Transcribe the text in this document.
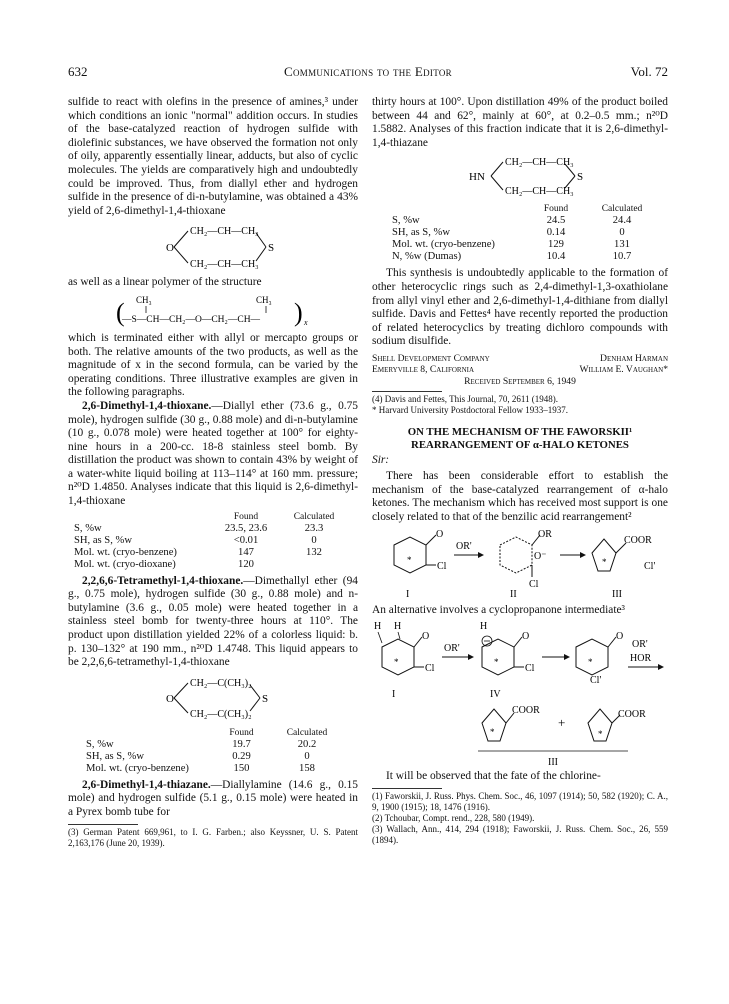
632	Communications to the Editor	Vol. 72

sulfide to react with olefins in the presence of amines,³ under which conditions an ionic "normal" addition occurs. In studies of the base-catalyzed reaction of hydrogen sulfide with diolefinic substances, we have observed the formation not only of oily, apparently essentially linear, adducts, but also of cyclic molecules. The yields are comparatively high and undoubtedly could be improved. Thus, from diallyl ether and hydrogen sulfide in the presence of di-n-butylamine, was obtained a 43% yield of 2,6-dimethyl-1,4-thioxane

O
CH₂—CH—CH₃
S
CH₂—CH—CH₃

as well as a linear polymer of the structure

CH₃	CH₃
(
—S—CH—CH₂—O—CH₂—CH— ) x

which is terminated either with allyl or mercapto groups or both. The relative amounts of the two products, as well as the magnitude of x in the second formula, can be varied by the operating conditions. Three illustrative examples are given in the following paragraphs.

2,6-Dimethyl-1,4-thioxane.—Diallyl ether (73.6 g., 0.75 mole), hydrogen sulfide (30 g., 0.88 mole) and di-n-butylamine (10 g., 0.078 mole) were heated together at 100° for eighty-nine hours in a 200-cc. 18-8 stainless steel bomb. By distillation the product was shown to contain 43% by weight of a water-white liquid boiling at 113–114° at 160 mm. pressure; n²⁰D 1.4850. Analyses indicate that this liquid is 2,6-dimethyl-1,4-thioxane

	Found	Calculated
S, %w	23.5, 23.6	23.3
SH, as S, %w	<0.01	0
Mol. wt. (cryo-benzene)	147	132
Mol. wt. (cryo-dioxane)	120	

2,2,6,6-Tetramethyl-1,4-thioxane.—Dimethallyl ether (94 g., 0.75 mole), hydrogen sulfide (30 g., 0.88 mole) and n-butylamine (3.6 g., 0.05 mole) were heated together in a stainless steel bomb for twenty-three hours at 110°. The product upon distillation yielded 22% of a colorless liquid: b. p. 130–132° at 190 mm., n²⁰D 1.4748. This liquid appears to be 2,2,6,6-tetramethyl-1,4-thioxane

O
CH₂—C(CH₃)₂
S
CH₂—C(CH₃)₂
	Found	Calculated
S, %w	19.7	20.2
SH, as S, %w	0.29	0
Mol. wt. (cryo-benzene)	150	158

2,6-Dimethyl-1,4-thiazane.—Diallylamine (14.6 g., 0.15 mole) and hydrogen sulfide (5.1 g., 0.15 mole) were heated in a Pyrex bomb tube for

(3) German Patent 669,961, to I. G. Farben.; also Keyssner, U. S. Patent 2,163,176 (June 20, 1939).

thirty hours at 100°. Upon distillation 49% of the product boiled between 44 and 62°, mainly at 60°, at 0.2–0.5 mm.; n²⁰D 1.5882. Analyses of this fraction indicate that it is 2,6-dimethyl-1,4-thiazane

HN
CH₂—CH—CH₃
S
CH₂—CH—CH₃
	Found	Calculated
S, %w	24.5	24.4
SH, as S, %w	0.14	0
Mol. wt. (cryo-benzene)	129	131
N, %w (Dumas)	10.4	10.7

This synthesis is undoubtedly applicable to the formation of other heterocyclic rings such as 2,4-dimethyl-1,3-oxathiolane from allyl vinyl ether and 2,6-dimethyl-1,4-dithiane from diallyl sulfide. Davis and Fettes⁴ have recently reported the production of related heterocyclics by treating dichloro compounds with sodium disulfide.

Shell Development Company	Denham Harman
Emeryville 8, California	William E. Vaughan*
Received September 6, 1949
(4) Davis and Fettes, This Journal, 70, 2611 (1948).
* Harvard University Postdoctoral Fellow 1933–1937.
ON THE MECHANISM OF THE FAWORSKII¹ REARRANGEMENT OF α-HALO KETONES
Sir:

There has been considerable effort to establish the mechanism of the base-catalyzed rearrangement of α-halo ketones. The mechanism which has received most support is one closely related to that of the benzilic acid rearrangement²

O
Cl
*
I
OR'
OR
O⁻
Cl
II
COOR
Cl'
*
III

An alternative involves a cyclopropanone intermediate³

H H
O
Cl
*
I
OR'
H
O
Cl
*
IV
O
Cl'
*
OR'
HOR
COOR
*
+
COOR
*
III

It will be observed that the fate of the chlorine-

(1) Faworskii, J. Russ. Phys. Chem. Soc., 46, 1097 (1914); 50, 582 (1920); C. A., 9, 1900 (1915); 18, 1476 (1916).
(2) Tchoubar, Compt. rend., 228, 580 (1949).
(3) Wallach, Ann., 414, 294 (1918); Faworskii, J. Russ. Chem. Soc., 26, 559 (1894).
